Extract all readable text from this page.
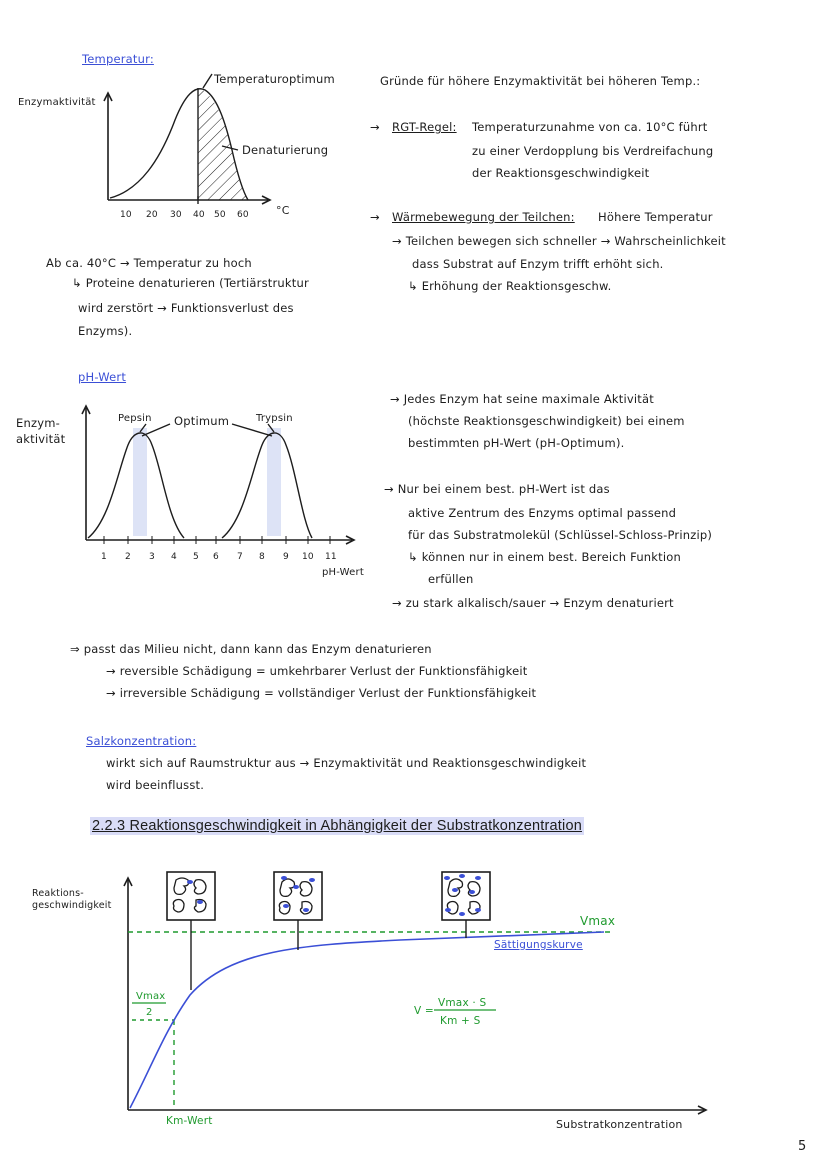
Temperatur:
Enzymaktivität
Temperaturoptimum
Denaturierung
10 20 30 40 50 60 °C
Ab ca. 40°C → Temperatur zu hoch
↳ Proteine denaturieren (Tertiärstruktur
wird zerstört → Funktionsverlust des
Enzyms).
Gründe für höhere Enzymaktivität bei höheren Temp.:
→ RGT-Regel: Temperaturzunahme von ca. 10°C führt
zu einer Verdopplung bis Verdreifachung
der Reaktionsgeschwindigkeit
→ Wärmebewegung der Teilchen: Höhere Temperatur
→ Teilchen bewegen sich schneller → Wahrscheinlichkeit
dass Substrat auf Enzym trifft erhöht sich.
↳ Erhöhung der Reaktionsgeschw.
pH-Wert
Enzym-
aktivität
Pepsin Optimum	Trypsin
1 2 3 4 5 6 7 8 9 10 11
pH-Wert
→ Jedes Enzym hat seine maximale Aktivität
(höchste Reaktionsgeschwindigkeit) bei einem
bestimmten pH-Wert (pH-Optimum).
→ Nur bei einem best. pH-Wert ist das
aktive Zentrum des Enzyms optimal passend
für das Substratmolekül (Schlüssel-Schloss-Prinzip)
↳ können nur in einem best. Bereich Funktion
erfüllen
→ zu stark alkalisch/sauer → Enzym denaturiert
⇒ passt das Milieu nicht, dann kann das Enzym denaturieren
→ reversible Schädigung = umkehrbarer Verlust der Funktionsfähigkeit
→ irreversible Schädigung = vollständiger Verlust der Funktionsfähigkeit
Salzkonzentration:
wirkt sich auf Raumstruktur aus → Enzymaktivität und Reaktionsgeschwindigkeit
wird beeinflusst.
2.2.3 Reaktionsgeschwindigkeit in Abhängigkeit der Substratkonzentration
Reaktions-
geschwindigkeit
Vmax
Sättigungskurve
Vmax
2	V =
Vmax · S
Km + S
Km-Wert	Substratkonzentration
5
